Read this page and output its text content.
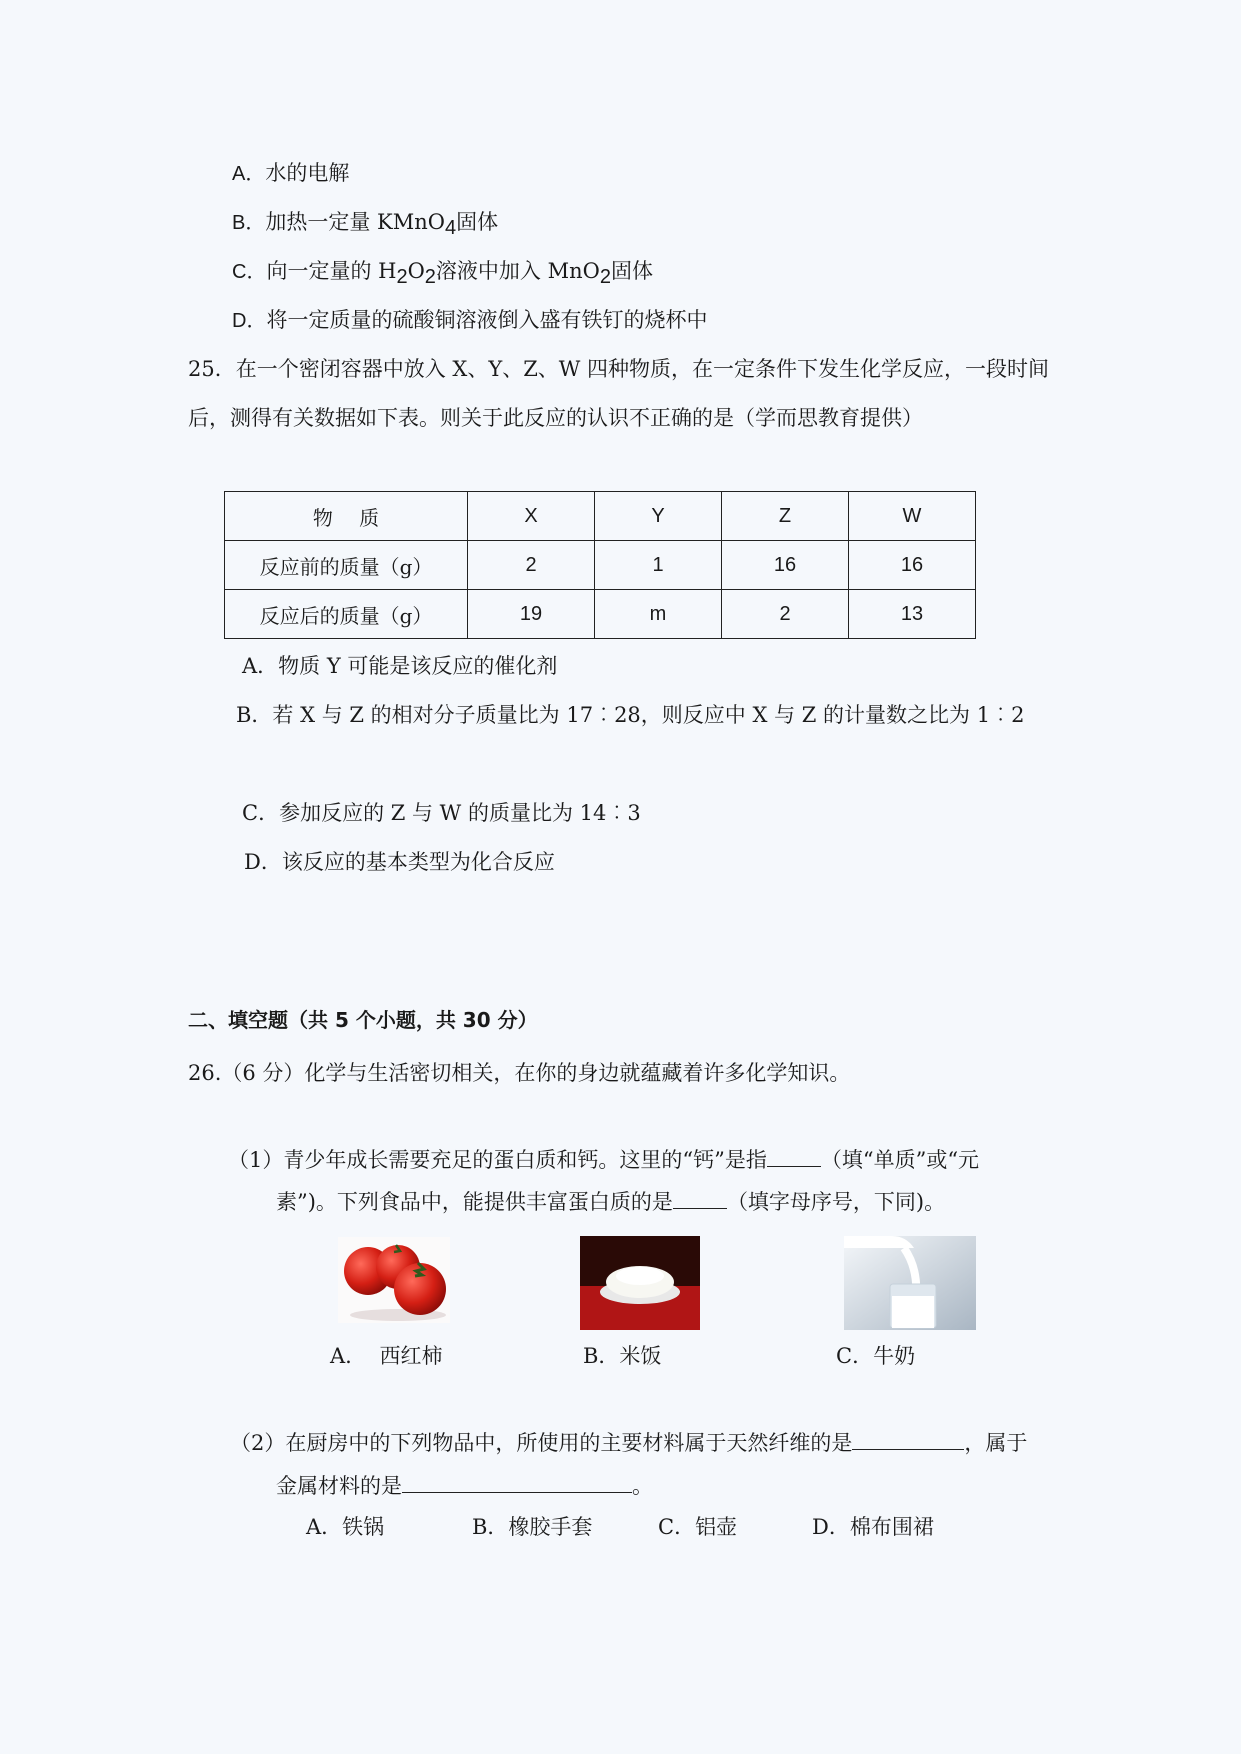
A．水的电解
B．加热一定量 KMnO$_4$固体
C．向一定量的 $H_2O_2$溶液中加入 MnO$_2$固体
D．将一定质量的硫酸铜溶液倒入盛有铁钉的烧杯中
25．在一个密闭容器中放入 X、Y、Z、W 四种物质，在一定条件下发生化学反应，一段时间
后，测得有关数据如下表。则关于此反应的认识不正确的是（学而思教育提供）
物　 质	X	Y	Z	W
反应前的质量（g）	2	1	16	16
反应后的质量（g）	19	m	2	13
A．物质 Y 可能是该反应的催化剂
B．若 X 与 Z 的相对分子质量比为 17︰28，则反应中 X 与 Z 的计量数之比为 1︰2
C．参加反应的 Z 与 W 的质量比为 14︰3
D．该反应的基本类型为化合反应
二、填空题（共 5 个小题，共 30 分）
26.（6 分）化学与生活密切相关，在你的身边就蕴藏着许多化学知识。
（1）青少年成长需要充足的蛋白质和钙。这里的“钙”是指	（填“单质”或“元
素”)。下列食品中，能提供丰富蛋白质的是	（填字母序号，下同)。
A.　 西红柿	B．米饭	C．牛奶
（2）在厨房中的下列物品中，所使用的主要材料属于天然纤维的是	，属于
金属材料的是	。
A．铁锅	B．橡胶手套	C．铝壶	D．棉布围裙
